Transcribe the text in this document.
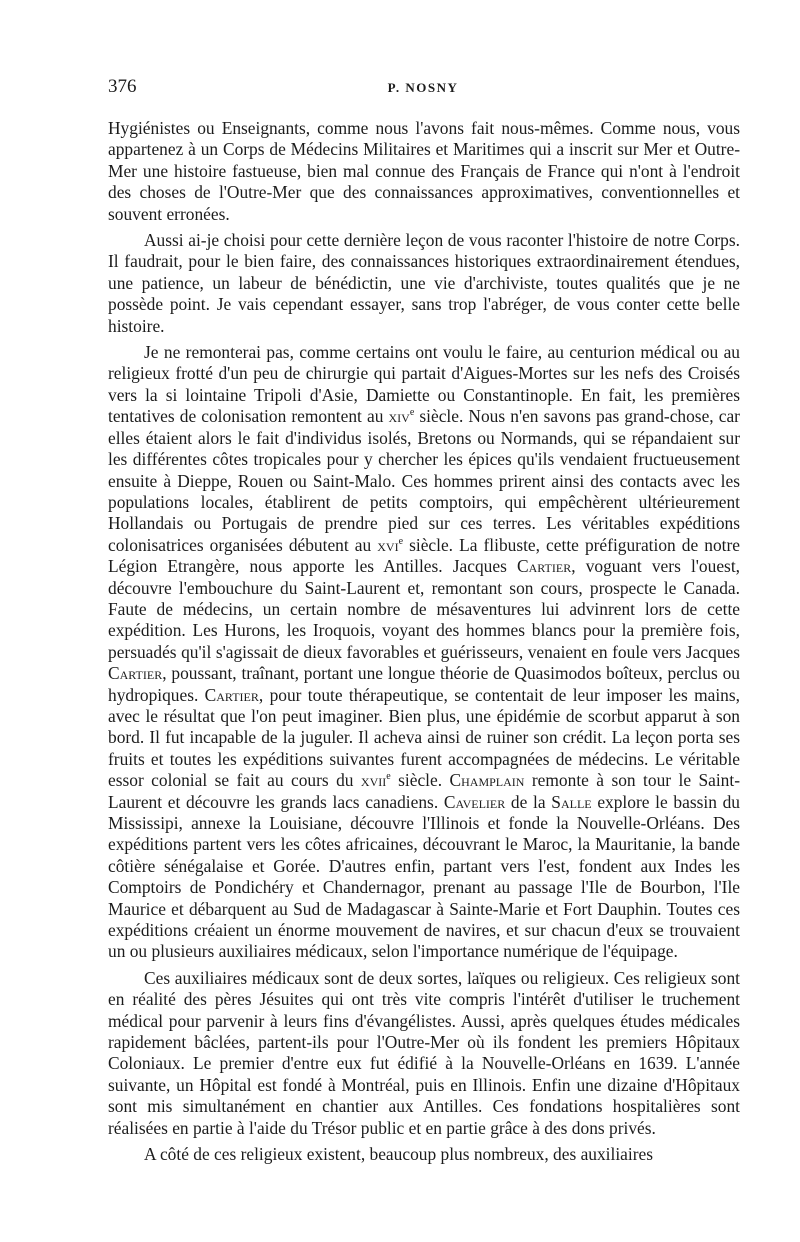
376	P. NOSNY

Hygiénistes ou Enseignants, comme nous l'avons fait nous-mêmes. Comme nous, vous appartenez à un Corps de Médecins Militaires et Maritimes qui a inscrit sur Mer et Outre-Mer une histoire fastueuse, bien mal connue des Français de France qui n'ont à l'endroit des choses de l'Outre-Mer que des connaissances approximatives, conventionnelles et souvent erronées.

Aussi ai-je choisi pour cette dernière leçon de vous raconter l'histoire de notre Corps. Il faudrait, pour le bien faire, des connaissances historiques extraordinairement étendues, une patience, un labeur de bénédictin, une vie d'archiviste, toutes qualités que je ne possède point. Je vais cependant essayer, sans trop l'abréger, de vous conter cette belle histoire.

Je ne remonterai pas, comme certains ont voulu le faire, au centurion médical ou au religieux frotté d'un peu de chirurgie qui partait d'Aigues-Mortes sur les nefs des Croisés vers la si lointaine Tripoli d'Asie, Damiette ou Constantinople. En fait, les premières tentatives de colonisation remontent au xiv$^e$ siècle. Nous n'en savons pas grand-chose, car elles étaient alors le fait d'individus isolés, Bretons ou Normands, qui se répandaient sur les différentes côtes tropicales pour y chercher les épices qu'ils vendaient fructueusement ensuite à Dieppe, Rouen ou Saint-Malo. Ces hommes prirent ainsi des contacts avec les populations locales, établirent de petits comptoirs, qui empêchèrent ultérieurement Hollandais ou Portugais de prendre pied sur ces terres. Les véritables expéditions colonisatrices organisées débutent au xvi$^e$ siècle. La flibuste, cette préfiguration de notre Légion Etrangère, nous apporte les Antilles. Jacques Cartier, voguant vers l'ouest, découvre l'embouchure du Saint-Laurent et, remontant son cours, prospecte le Canada. Faute de médecins, un certain nombre de mésaventures lui advinrent lors de cette expédition. Les Hurons, les Iroquois, voyant des hommes blancs pour la première fois, persuadés qu'il s'agissait de dieux favorables et guérisseurs, venaient en foule vers Jacques Cartier, poussant, traînant, portant une longue théorie de Quasimodos boîteux, perclus ou hydropiques. Cartier, pour toute thérapeutique, se contentait de leur imposer les mains, avec le résultat que l'on peut imaginer. Bien plus, une épidémie de scorbut apparut à son bord. Il fut incapable de la juguler. Il acheva ainsi de ruiner son crédit. La leçon porta ses fruits et toutes les expéditions suivantes furent accompagnées de médecins. Le véritable essor colonial se fait au cours du xvii$^e$ siècle. Champlain remonte à son tour le Saint-Laurent et découvre les grands lacs canadiens. Cavelier de la Salle explore le bassin du Mississipi, annexe la Louisiane, découvre l'Illinois et fonde la Nouvelle-Orléans. Des expéditions partent vers les côtes africaines, découvrant le Maroc, la Mauritanie, la bande côtière sénégalaise et Gorée. D'autres enfin, partant vers l'est, fondent aux Indes les Comptoirs de Pondichéry et Chandernagor, prenant au passage l'Ile de Bourbon, l'Ile Maurice et débarquent au Sud de Madagascar à Sainte-Marie et Fort Dauphin. Toutes ces expéditions créaient un énorme mouvement de navires, et sur chacun d'eux se trouvaient un ou plusieurs auxiliaires médicaux, selon l'importance numérique de l'équipage.

Ces auxiliaires médicaux sont de deux sortes, laïques ou religieux. Ces religieux sont en réalité des pères Jésuites qui ont très vite compris l'intérêt d'utiliser le truchement médical pour parvenir à leurs fins d'évangélistes. Aussi, après quelques études médicales rapidement bâclées, partent-ils pour l'Outre-Mer où ils fondent les premiers Hôpitaux Coloniaux. Le premier d'entre eux fut édifié à la Nouvelle-Orléans en 1639. L'année suivante, un Hôpital est fondé à Montréal, puis en Illinois. Enfin une dizaine d'Hôpitaux sont mis simultanément en chantier aux Antilles. Ces fondations hospitalières sont réalisées en partie à l'aide du Trésor public et en partie grâce à des dons privés.

A côté de ces religieux existent, beaucoup plus nombreux, des auxiliaires
